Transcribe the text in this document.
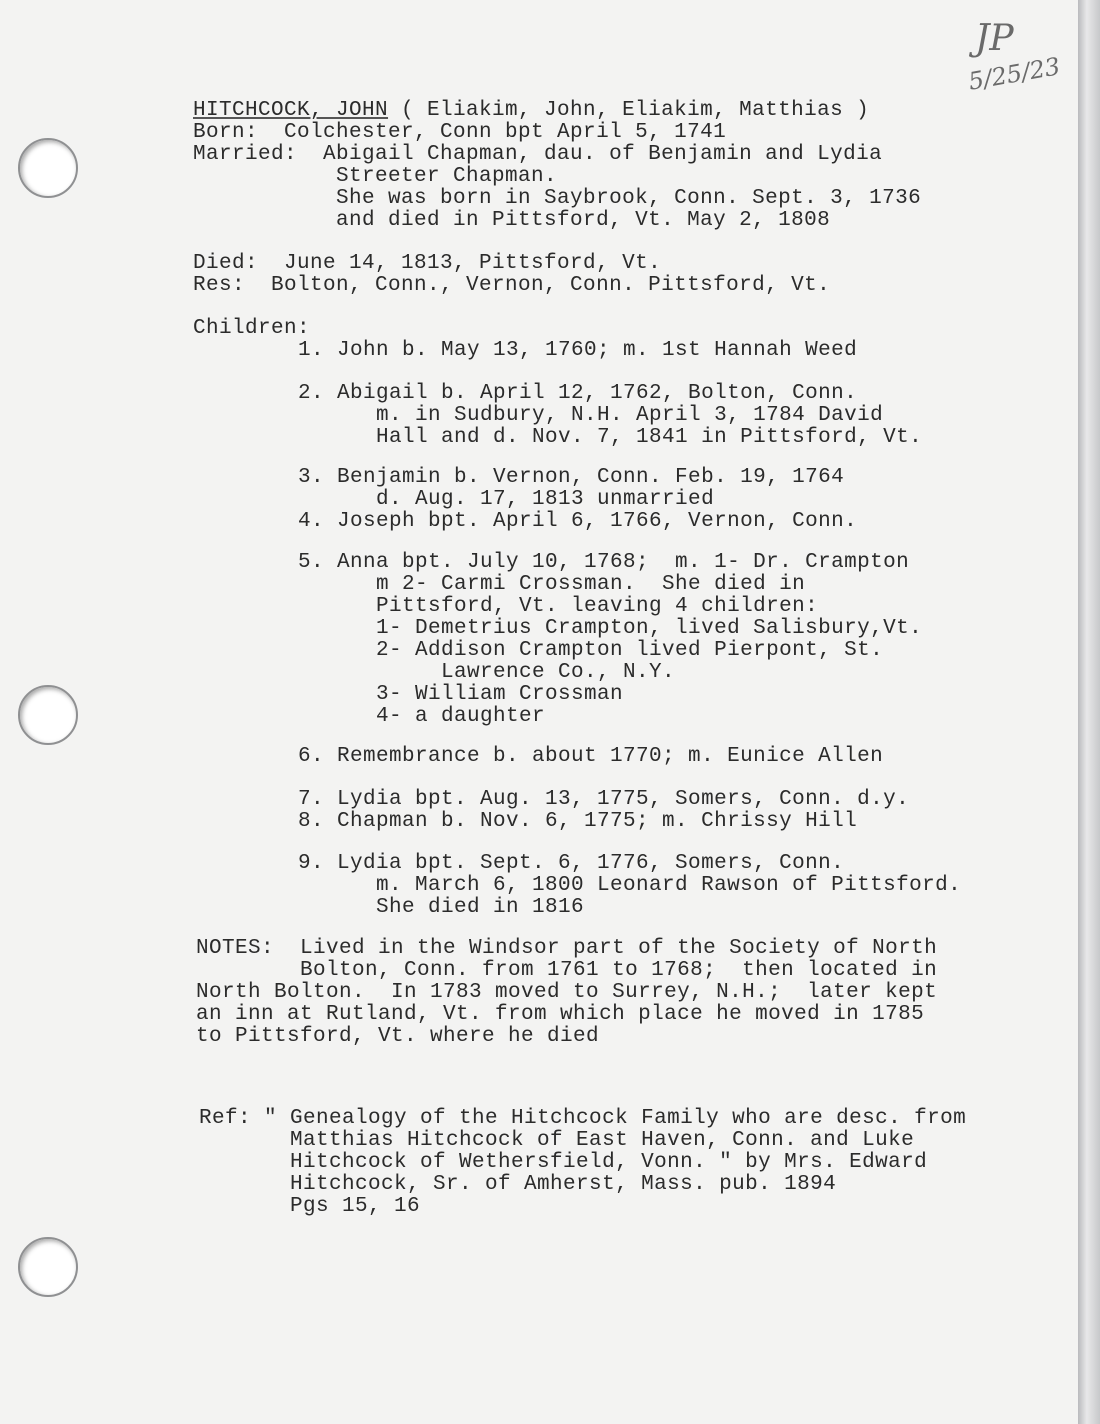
JP
5/25/23
HITCHCOCK, JOHN ( Eliakim, John, Eliakim, Matthias )
Born:  Colchester, Conn bpt April 5, 1741
Married:  Abigail Chapman, dau. of Benjamin and Lydia
Streeter Chapman.
She was born in Saybrook, Conn. Sept. 3, 1736
and died in Pittsford, Vt. May 2, 1808
Died:  June 14, 1813, Pittsford, Vt.
Res:  Bolton, Conn., Vernon, Conn. Pittsford, Vt.
Children:
1. John b. May 13, 1760; m. 1st Hannah Weed
2. Abigail b. April 12, 1762, Bolton, Conn.
m. in Sudbury, N.H. April 3, 1784 David
Hall and d. Nov. 7, 1841 in Pittsford, Vt.
3. Benjamin b. Vernon, Conn. Feb. 19, 1764
d. Aug. 17, 1813 unmarried
4. Joseph bpt. April 6, 1766, Vernon, Conn.
5. Anna bpt. July 10, 1768;  m. 1- Dr. Crampton
m 2- Carmi Crossman.  She died in
Pittsford, Vt. leaving 4 children:
1- Demetrius Crampton, lived Salisbury,Vt.
2- Addison Crampton lived Pierpont, St.
Lawrence Co., N.Y.
3- William Crossman
4- a daughter
6. Remembrance b. about 1770; m. Eunice Allen
7. Lydia bpt. Aug. 13, 1775, Somers, Conn. d.y.
8. Chapman b. Nov. 6, 1775; m. Chrissy Hill
9. Lydia bpt. Sept. 6, 1776, Somers, Conn.
m. March 6, 1800 Leonard Rawson of Pittsford.
She died in 1816
NOTES:  Lived in the Windsor part of the Society of North
Bolton, Conn. from 1761 to 1768;  then located in
North Bolton.  In 1783 moved to Surrey, N.H.;  later kept
an inn at Rutland, Vt. from which place he moved in 1785
to Pittsford, Vt. where he died
Ref: " Genealogy of the Hitchcock Family who are desc. from
Matthias Hitchcock of East Haven, Conn. and Luke
Hitchcock of Wethersfield, Vonn. " by Mrs. Edward
Hitchcock, Sr. of Amherst, Mass. pub. 1894
Pgs 15, 16
